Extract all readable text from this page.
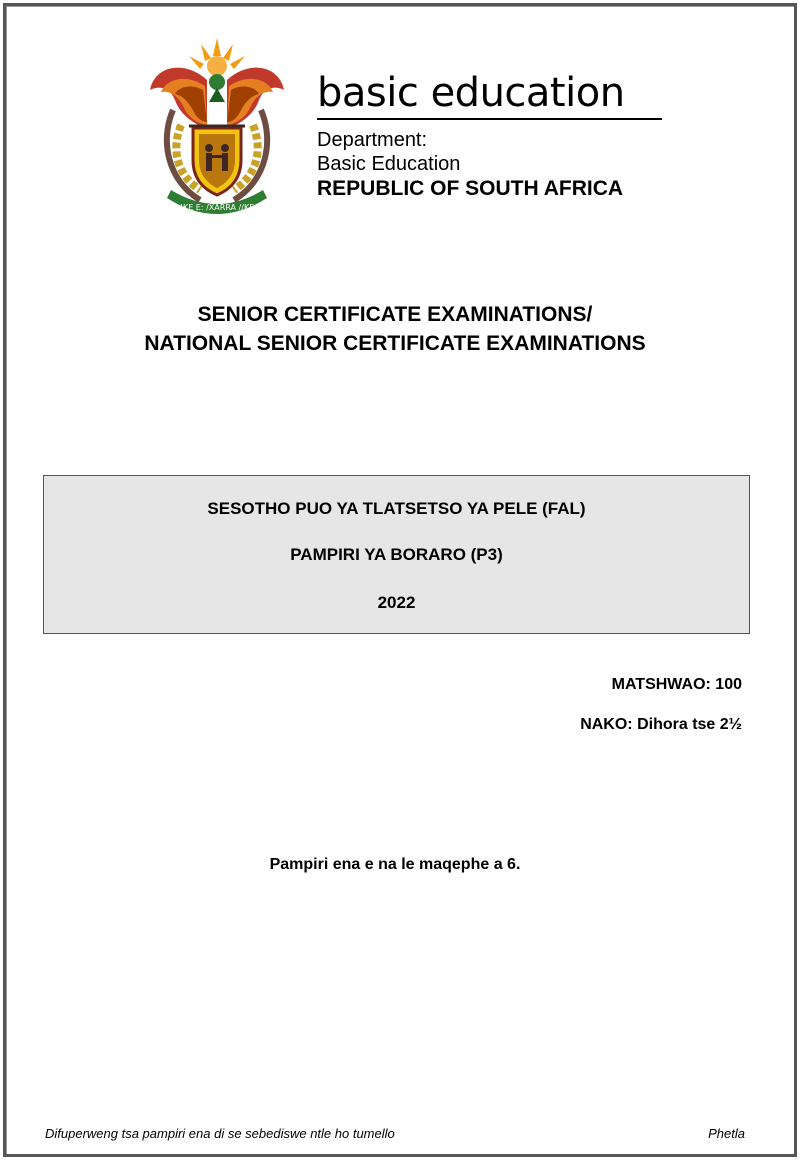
!KE E: /XARRA //KE
basic education
Department:
Basic Education
REPUBLIC OF SOUTH AFRICA
SENIOR CERTIFICATE EXAMINATIONS/
NATIONAL SENIOR CERTIFICATE EXAMINATIONS
SESOTHO PUO YA TLATSETSO YA PELE (FAL)
PAMPIRI YA BORARO (P3)
2022
MATSHWAO: 100
NAKO: Dihora tse 2½
Pampiri ena e na le maqephe a 6.
Difuperweng tsa pampiri ena di se sebediswe ntle ho tumello	Phetla
